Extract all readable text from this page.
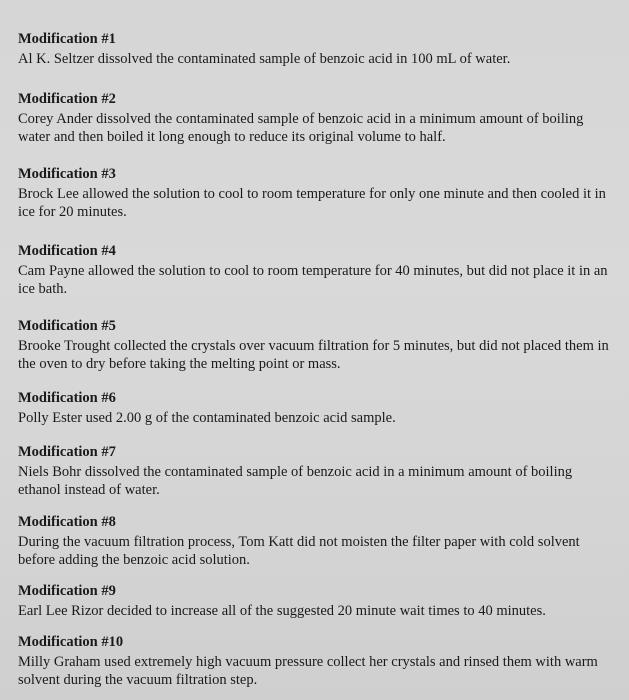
Modification #1

Al K. Seltzer dissolved the contaminated sample of benzoic acid in 100 mL of water.

Modification #2

Corey Ander dissolved the contaminated sample of benzoic acid in a minimum amount of boiling water and then boiled it long enough to reduce its original volume to half.

Modification #3

Brock Lee allowed the solution to cool to room temperature for only one minute and then cooled it in ice for 20 minutes.

Modification #4

Cam Payne allowed the solution to cool to room temperature for 40 minutes, but did not place it in an ice bath.

Modification #5

Brooke Trought collected the crystals over vacuum filtration for 5 minutes, but did not placed them in the oven to dry before taking the melting point or mass.

Modification #6

Polly Ester used 2.00 g of the contaminated benzoic acid sample.

Modification #7

Niels Bohr dissolved the contaminated sample of benzoic acid in a minimum amount of boiling ethanol instead of water.

Modification #8

During the vacuum filtration process, Tom Katt did not moisten the filter paper with cold solvent before adding the benzoic acid solution.

Modification #9

Earl Lee Rizor decided to increase all of the suggested 20 minute wait times to 40 minutes.

Modification #10

Milly Graham used extremely high vacuum pressure collect her crystals and rinsed them with warm solvent during the vacuum filtration step.
